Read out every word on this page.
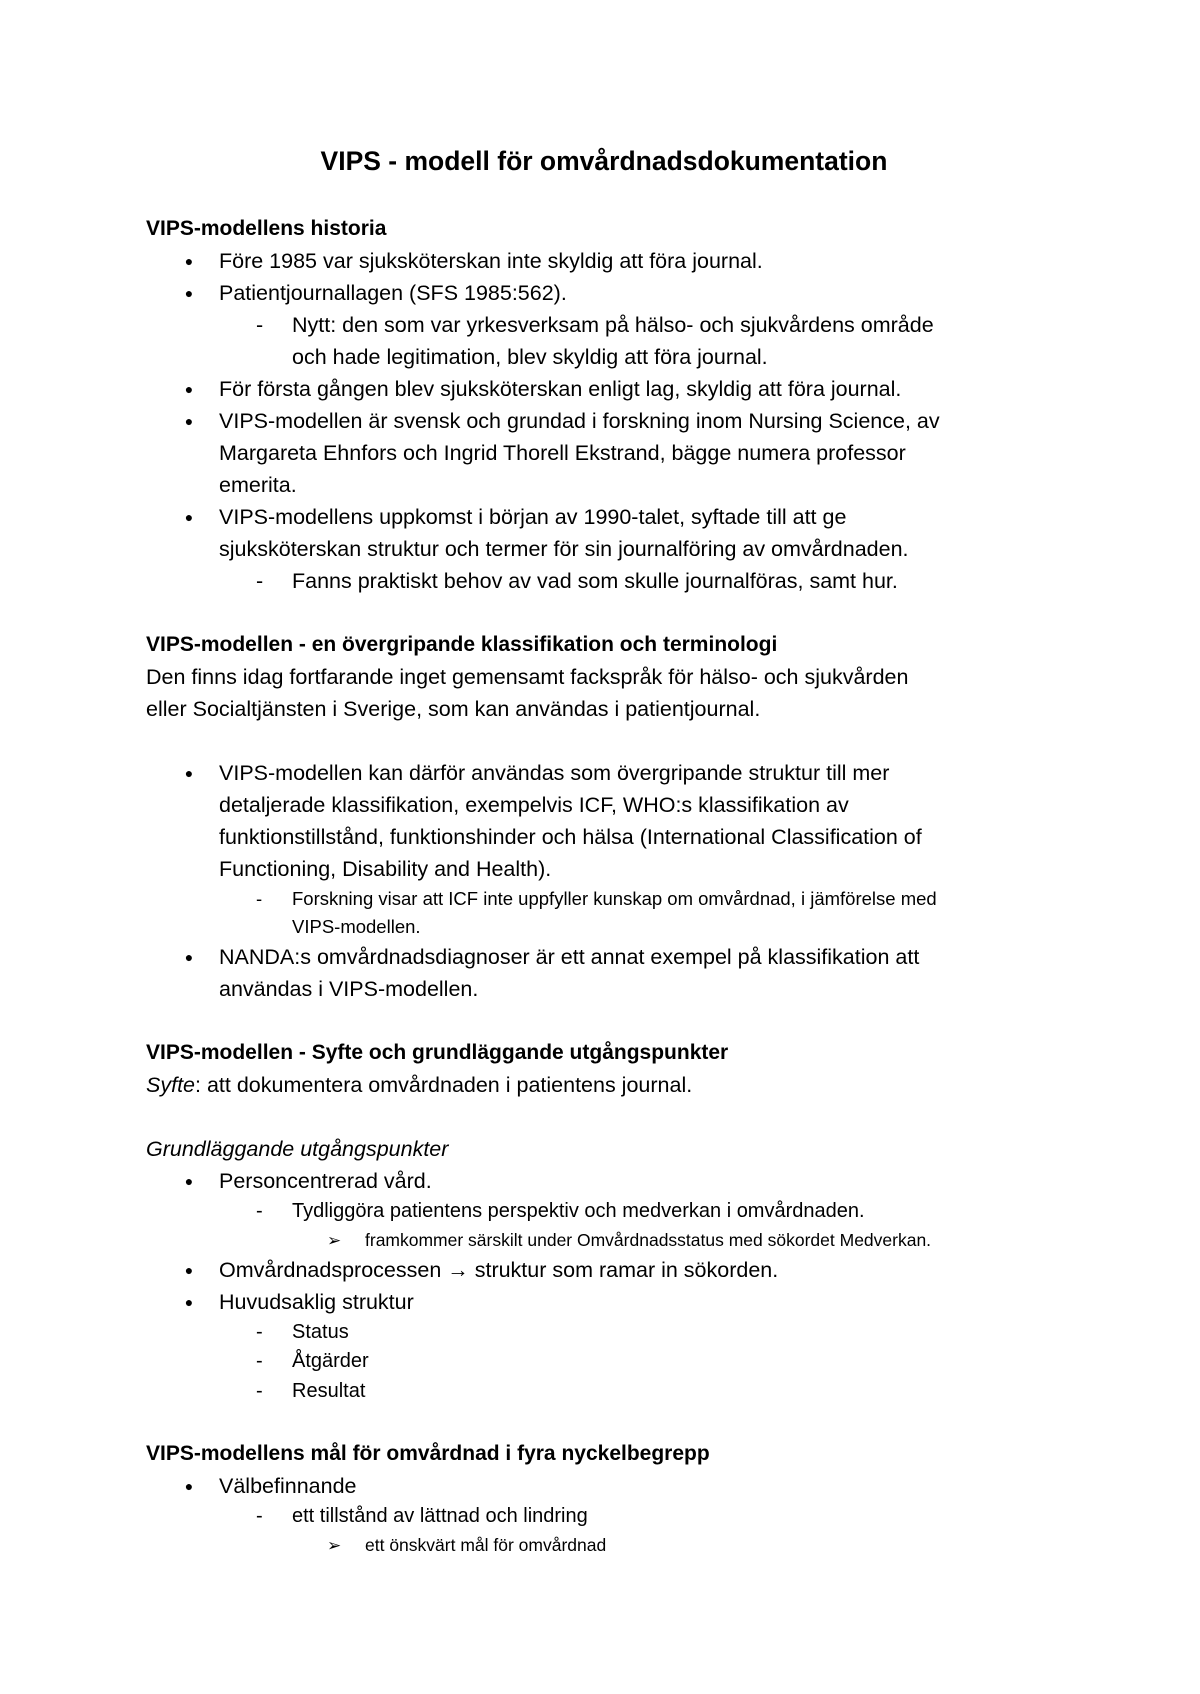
VIPS - modell för omvårdnadsdokumentation
VIPS-modellens historia
● Före 1985 var sjuksköterskan inte skyldig att föra journal.
● Patientjournallagen (SFS 1985:562).
- Nytt: den som var yrkesverksam på hälso- och sjukvårdens område
och hade legitimation, blev skyldig att föra journal.
● För första gången blev sjuksköterskan enligt lag, skyldig att föra journal.
● VIPS-modellen är svensk och grundad i forskning inom Nursing Science, av
Margareta Ehnfors och Ingrid Thorell Ekstrand, bägge numera professor
emerita.
● VIPS-modellens uppkomst i början av 1990-talet, syftade till att ge
sjuksköterskan struktur och termer för sin journalföring av omvårdnaden.
- Fanns praktiskt behov av vad som skulle journalföras, samt hur.
VIPS-modellen - en övergripande klassifikation och terminologi
Den finns idag fortfarande inget gemensamt fackspråk för hälso- och sjukvården
eller Socialtjänsten i Sverige, som kan användas i patientjournal.
● VIPS-modellen kan därför användas som övergripande struktur till mer
detaljerade klassifikation, exempelvis ICF, WHO:s klassifikation av
funktionstillstånd, funktionshinder och hälsa (International Classification of
Functioning, Disability and Health).
- Forskning visar att ICF inte uppfyller kunskap om omvårdnad, i jämförelse med
VIPS-modellen.
● NANDA:s omvårdnadsdiagnoser är ett annat exempel på klassifikation att
användas i VIPS-modellen.
VIPS-modellen - Syfte och grundläggande utgångspunkter
Syfte: att dokumentera omvårdnaden i patientens journal.
Grundläggande utgångspunkter
● Personcentrerad vård.
- Tydliggöra patientens perspektiv och medverkan i omvårdnaden.
➢ framkommer särskilt under Omvårdnadsstatus med sökordet Medverkan.
● Omvårdnadsprocessen → struktur som ramar in sökorden.
● Huvudsaklig struktur
- Status
- Åtgärder
- Resultat
VIPS-modellens mål för omvårdnad i fyra nyckelbegrepp
● Välbefinnande
- ett tillstånd av lättnad och lindring
➢ ett önskvärt mål för omvårdnad
